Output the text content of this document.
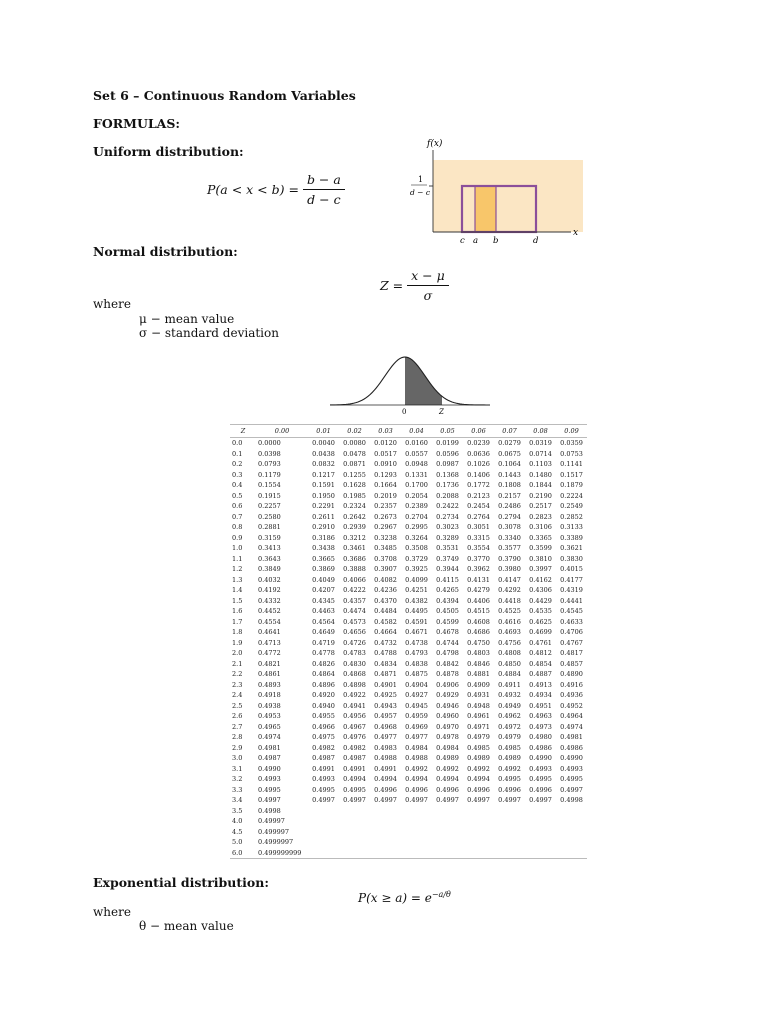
Set 6 – Continuous Random Variables
FORMULAS:
Uniform distribution:
$P(a < x < b) = \frac{b - a}{d - c}$
f(x)
x
1
d − c
c a b	d
Normal distribution:
$Z = \frac{x - \mu}{\sigma}$
where
μ − mean value
σ − standard deviation
0	Z
Z	0.00	0.01	0.02	0.03	0.04	0.05	0.06	0.07	0.08	0.09
0.0	0.0000	0.0040	0.0080	0.0120	0.0160	0.0199	0.0239	0.0279	0.0319	0.0359
0.1	0.0398	0.0438	0.0478	0.0517	0.0557	0.0596	0.0636	0.0675	0.0714	0.0753
0.2	0.0793	0.0832	0.0871	0.0910	0.0948	0.0987	0.1026	0.1064	0.1103	0.1141
0.3	0.1179	0.1217	0.1255	0.1293	0.1331	0.1368	0.1406	0.1443	0.1480	0.1517
0.4	0.1554	0.1591	0.1628	0.1664	0.1700	0.1736	0.1772	0.1808	0.1844	0.1879
0.5	0.1915	0.1950	0.1985	0.2019	0.2054	0.2088	0.2123	0.2157	0.2190	0.2224
0.6	0.2257	0.2291	0.2324	0.2357	0.2389	0.2422	0.2454	0.2486	0.2517	0.2549
0.7	0.2580	0.2611	0.2642	0.2673	0.2704	0.2734	0.2764	0.2794	0.2823	0.2852
0.8	0.2881	0.2910	0.2939	0.2967	0.2995	0.3023	0.3051	0.3078	0.3106	0.3133
0.9	0.3159	0.3186	0.3212	0.3238	0.3264	0.3289	0.3315	0.3340	0.3365	0.3389
1.0	0.3413	0.3438	0.3461	0.3485	0.3508	0.3531	0.3554	0.3577	0.3599	0.3621
1.1	0.3643	0.3665	0.3686	0.3708	0.3729	0.3749	0.3770	0.3790	0.3810	0.3830
1.2	0.3849	0.3869	0.3888	0.3907	0.3925	0.3944	0.3962	0.3980	0.3997	0.4015
1.3	0.4032	0.4049	0.4066	0.4082	0.4099	0.4115	0.4131	0.4147	0.4162	0.4177
1.4	0.4192	0.4207	0.4222	0.4236	0.4251	0.4265	0.4279	0.4292	0.4306	0.4319
1.5	0.4332	0.4345	0.4357	0.4370	0.4382	0.4394	0.4406	0.4418	0.4429	0.4441
1.6	0.4452	0.4463	0.4474	0.4484	0.4495	0.4505	0.4515	0.4525	0.4535	0.4545
1.7	0.4554	0.4564	0.4573	0.4582	0.4591	0.4599	0.4608	0.4616	0.4625	0.4633
1.8	0.4641	0.4649	0.4656	0.4664	0.4671	0.4678	0.4686	0.4693	0.4699	0.4706
1.9	0.4713	0.4719	0.4726	0.4732	0.4738	0.4744	0.4750	0.4756	0.4761	0.4767
2.0	0.4772	0.4778	0.4783	0.4788	0.4793	0.4798	0.4803	0.4808	0.4812	0.4817
2.1	0.4821	0.4826	0.4830	0.4834	0.4838	0.4842	0.4846	0.4850	0.4854	0.4857
2.2	0.4861	0.4864	0.4868	0.4871	0.4875	0.4878	0.4881	0.4884	0.4887	0.4890
2.3	0.4893	0.4896	0.4898	0.4901	0.4904	0.4906	0.4909	0.4911	0.4913	0.4916
2.4	0.4918	0.4920	0.4922	0.4925	0.4927	0.4929	0.4931	0.4932	0.4934	0.4936
2.5	0.4938	0.4940	0.4941	0.4943	0.4945	0.4946	0.4948	0.4949	0.4951	0.4952
2.6	0.4953	0.4955	0.4956	0.4957	0.4959	0.4960	0.4961	0.4962	0.4963	0.4964
2.7	0.4965	0.4966	0.4967	0.4968	0.4969	0.4970	0.4971	0.4972	0.4973	0.4974
2.8	0.4974	0.4975	0.4976	0.4977	0.4977	0.4978	0.4979	0.4979	0.4980	0.4981
2.9	0.4981	0.4982	0.4982	0.4983	0.4984	0.4984	0.4985	0.4985	0.4986	0.4986
3.0	0.4987	0.4987	0.4987	0.4988	0.4988	0.4989	0.4989	0.4989	0.4990	0.4990
3.1	0.4990	0.4991	0.4991	0.4991	0.4992	0.4992	0.4992	0.4992	0.4993	0.4993
3.2	0.4993	0.4993	0.4994	0.4994	0.4994	0.4994	0.4994	0.4995	0.4995	0.4995
3.3	0.4995	0.4995	0.4995	0.4996	0.4996	0.4996	0.4996	0.4996	0.4996	0.4997
3.4	0.4997	0.4997	0.4997	0.4997	0.4997	0.4997	0.4997	0.4997	0.4997	0.4998
3.5	0.4998									
4.0	0.49997									
4.5	0.499997									
5.0	0.4999997									
6.0	0.499999999									
Exponential distribution:
$P(x \ge a) = e^{-a/\theta}$
where
θ − mean value
